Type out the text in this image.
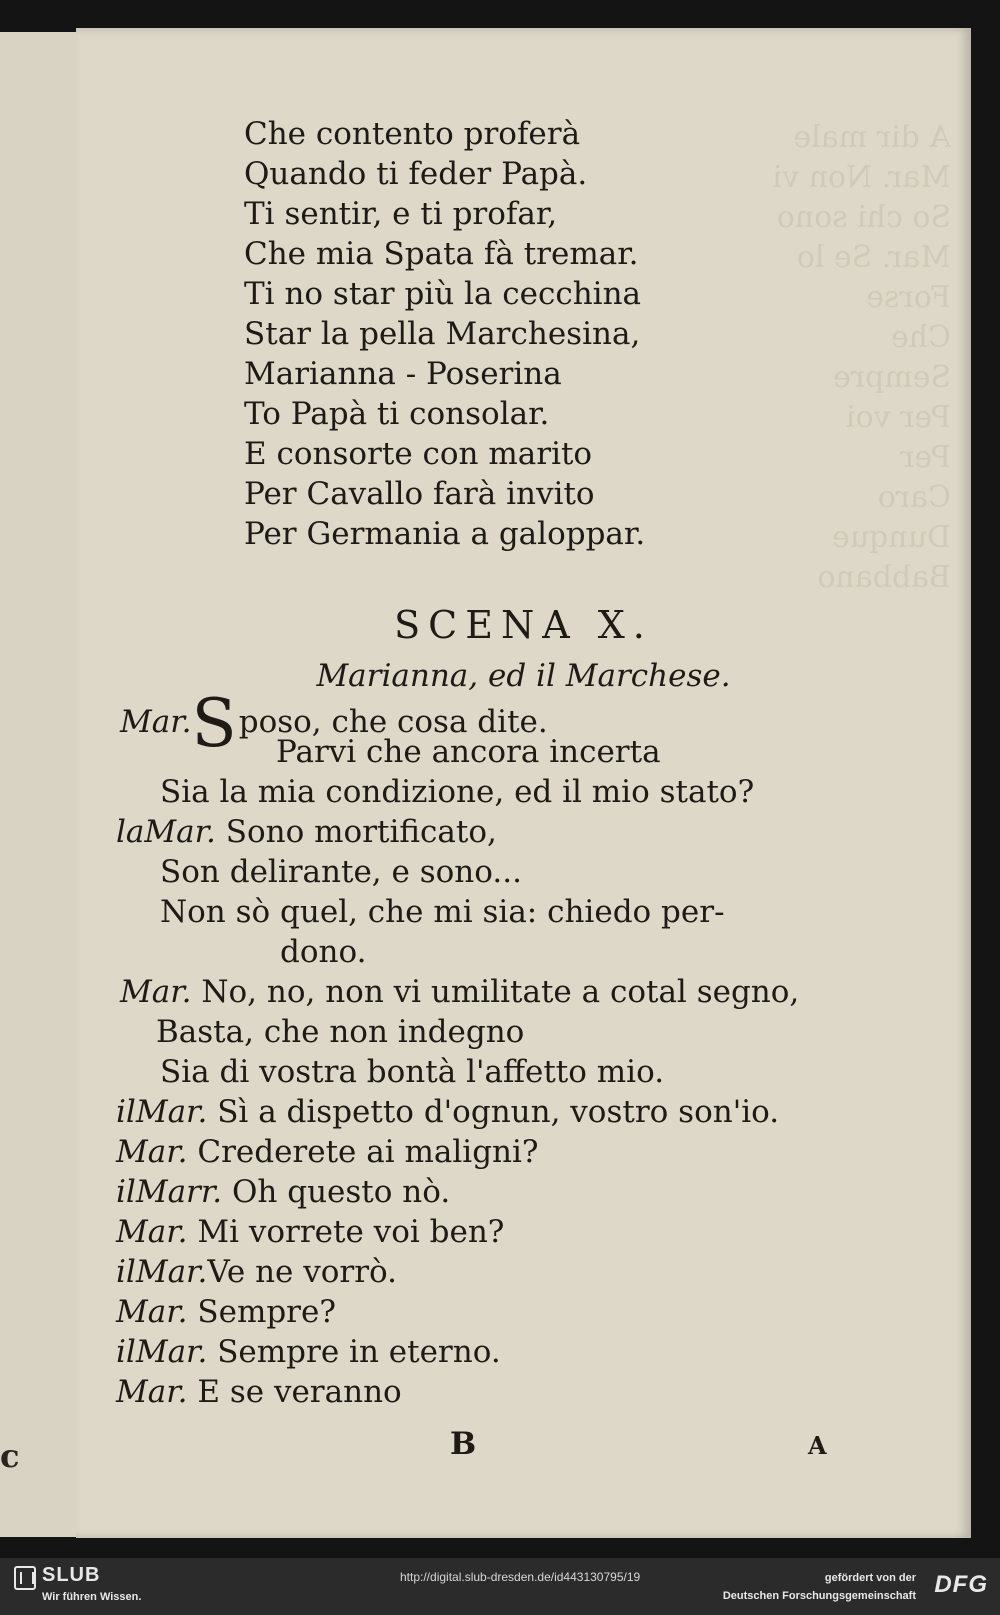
c
A dir male
Mar. Non vi
So chi sono
Mar. Se lo
Forse
Che
Sempre
Per voi
Per
Caro
Dunque
Babbano
Che contento proferà
Quando ti feder Papà.
Ti sentir, e ti profar,
Che mia Spata fà tremar.
Ti no star più la cecchina
Star la pella Marchesina,
Marianna - Poserina
To Papà ti consolar.
E consorte con marito
Per Cavallo farà invito
Per Germania a galoppar.
SCENA X.
Marianna, ed il Marchese.
Mar.Sposo, che cosa dite.
Parvi che ancora incerta
Sia la mia condizione, ed il mio stato?
laMar. Sono mortificato,
Son delirante, e sono...
Non sò quel, che mi sia: chiedo per-
dono.
Mar. No, no, non vi umilitate a cotal segno,
Basta, che non indegno
Sia di vostra bontà l'affetto mio.
ilMar. Sì a dispetto d'ognun, vostro son'io.
Mar. Crederete ai maligni?
ilMarr. Oh questo nò.
Mar. Mi vorrete voi ben?
ilMar.Ve ne vorrò.
Mar. Sempre?
ilMar. Sempre in eterno.
Mar. E se veranno
B	A
SLUB
Wir führen Wissen.
http://digital.slub-dresden.de/id443130795/19	gefördert von der
Deutschen Forschungsgemeinschaft DFG
